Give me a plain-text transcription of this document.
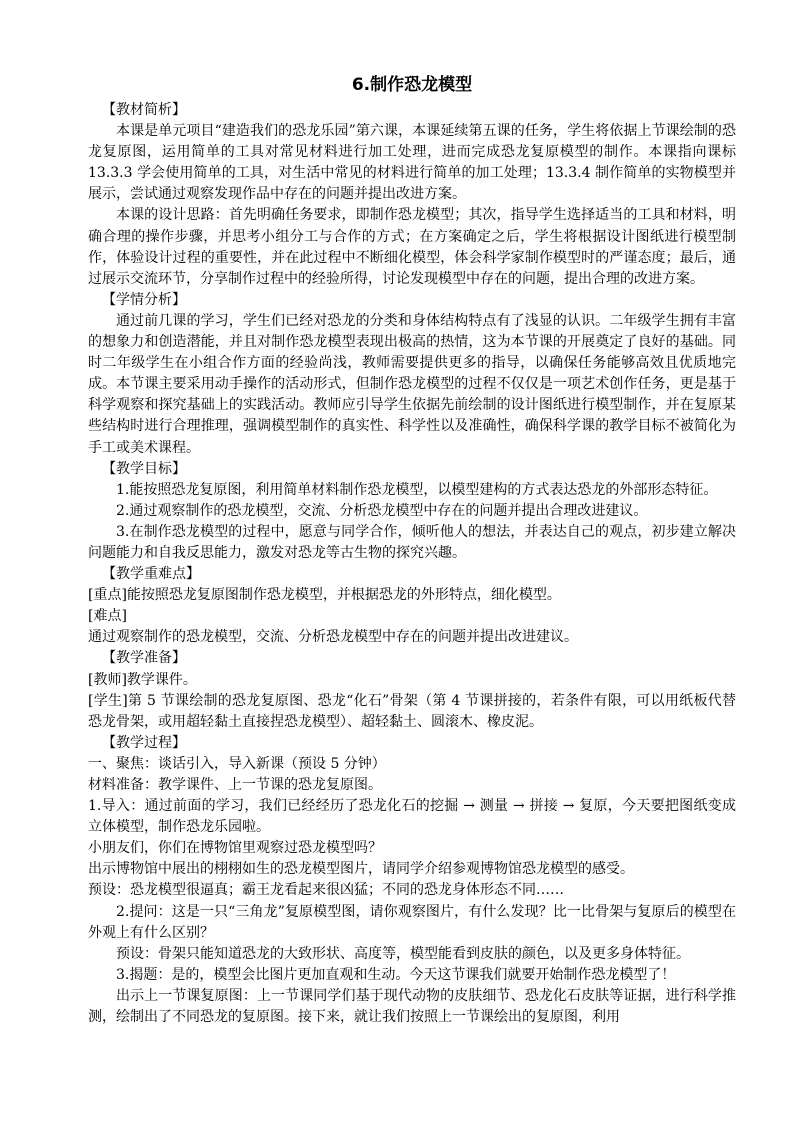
6.制作恐龙模型

【教材简析】

本课是单元项目“建造我们的恐龙乐园”第六课，本课延续第五课的任务，学生将依据上节课绘制的恐龙复原图，运用简单的工具对常见材料进行加工处理，进而完成恐龙复原模型的制作。本课指向课标 13.3.3 学会使用简单的工具，对生活中常见的材料进行简单的加工处理；13.3.4 制作简单的实物模型并展示，尝试通过观察发现作品中存在的问题并提出改进方案。

本课的设计思路：首先明确任务要求，即制作恐龙模型；其次，指导学生选择适当的工具和材料，明确合理的操作步骤，并思考小组分工与合作的方式；在方案确定之后，学生将根据设计图纸进行模型制作，体验设计过程的重要性，并在此过程中不断细化模型，体会科学家制作模型时的严谨态度；最后，通过展示交流环节，分享制作过程中的经验所得，讨论发现模型中存在的问题，提出合理的改进方案。

【学情分析】

通过前几课的学习，学生们已经对恐龙的分类和身体结构特点有了浅显的认识。二年级学生拥有丰富的想象力和创造潜能，并且对制作恐龙模型表现出极高的热情，这为本节课的开展奠定了良好的基础。同时二年级学生在小组合作方面的经验尚浅，教师需要提供更多的指导，以确保任务能够高效且优质地完成。本节课主要采用动手操作的活动形式，但制作恐龙模型的过程不仅仅是一项艺术创作任务，更是基于科学观察和探究基础上的实践活动。教师应引导学生依据先前绘制的设计图纸进行模型制作，并在复原某些结构时进行合理推理，强调模型制作的真实性、科学性以及准确性，确保科学课的教学目标不被简化为手工或美术课程。

【教学目标】

1.能按照恐龙复原图，利用简单材料制作恐龙模型，以模型建构的方式表达恐龙的外部形态特征。

2.通过观察制作的恐龙模型，交流、分析恐龙模型中存在的问题并提出合理改进建议。

3.在制作恐龙模型的过程中，愿意与同学合作，倾听他人的想法，并表达自己的观点，初步建立解决问题能力和自我反思能力，激发对恐龙等古生物的探究兴趣。

【教学重难点】

[重点]能按照恐龙复原图制作恐龙模型，并根据恐龙的外形特点，细化模型。

[难点]

通过观察制作的恐龙模型，交流、分析恐龙模型中存在的问题并提出改进建议。

【教学准备】

[教师]教学课件。

[学生]第 5 节课绘制的恐龙复原图、恐龙“化石”骨架（第 4 节课拼接的，若条件有限，可以用纸板代替恐龙骨架，或用超轻黏土直接捏恐龙模型）、超轻黏土、圆滚木、橡皮泥。

【教学过程】

一、聚焦：谈话引入，导入新课（预设 5 分钟）

材料准备：教学课件、上一节课的恐龙复原图。

1.导入：通过前面的学习，我们已经经历了恐龙化石的挖掘 → 测量 → 拼接 → 复原，今天要把图纸变成立体模型，制作恐龙乐园啦。

小朋友们，你们在博物馆里观察过恐龙模型吗？

出示博物馆中展出的栩栩如生的恐龙模型图片，请同学介绍参观博物馆恐龙模型的感受。

预设：恐龙模型很逼真；霸王龙看起来很凶猛；不同的恐龙身体形态不同……

2.提问：这是一只“三角龙”复原模型图，请你观察图片，有什么发现？比一比骨架与复原后的模型在外观上有什么区别？

预设：骨架只能知道恐龙的大致形状、高度等，模型能看到皮肤的颜色，以及更多身体特征。

3.揭题：是的，模型会比图片更加直观和生动。今天这节课我们就要开始制作恐龙模型了！

出示上一节课复原图：上一节课同学们基于现代动物的皮肤细节、恐龙化石皮肤等证据，进行科学推测，绘制出了不同恐龙的复原图。接下来，就让我们按照上一节课绘出的复原图，利用
